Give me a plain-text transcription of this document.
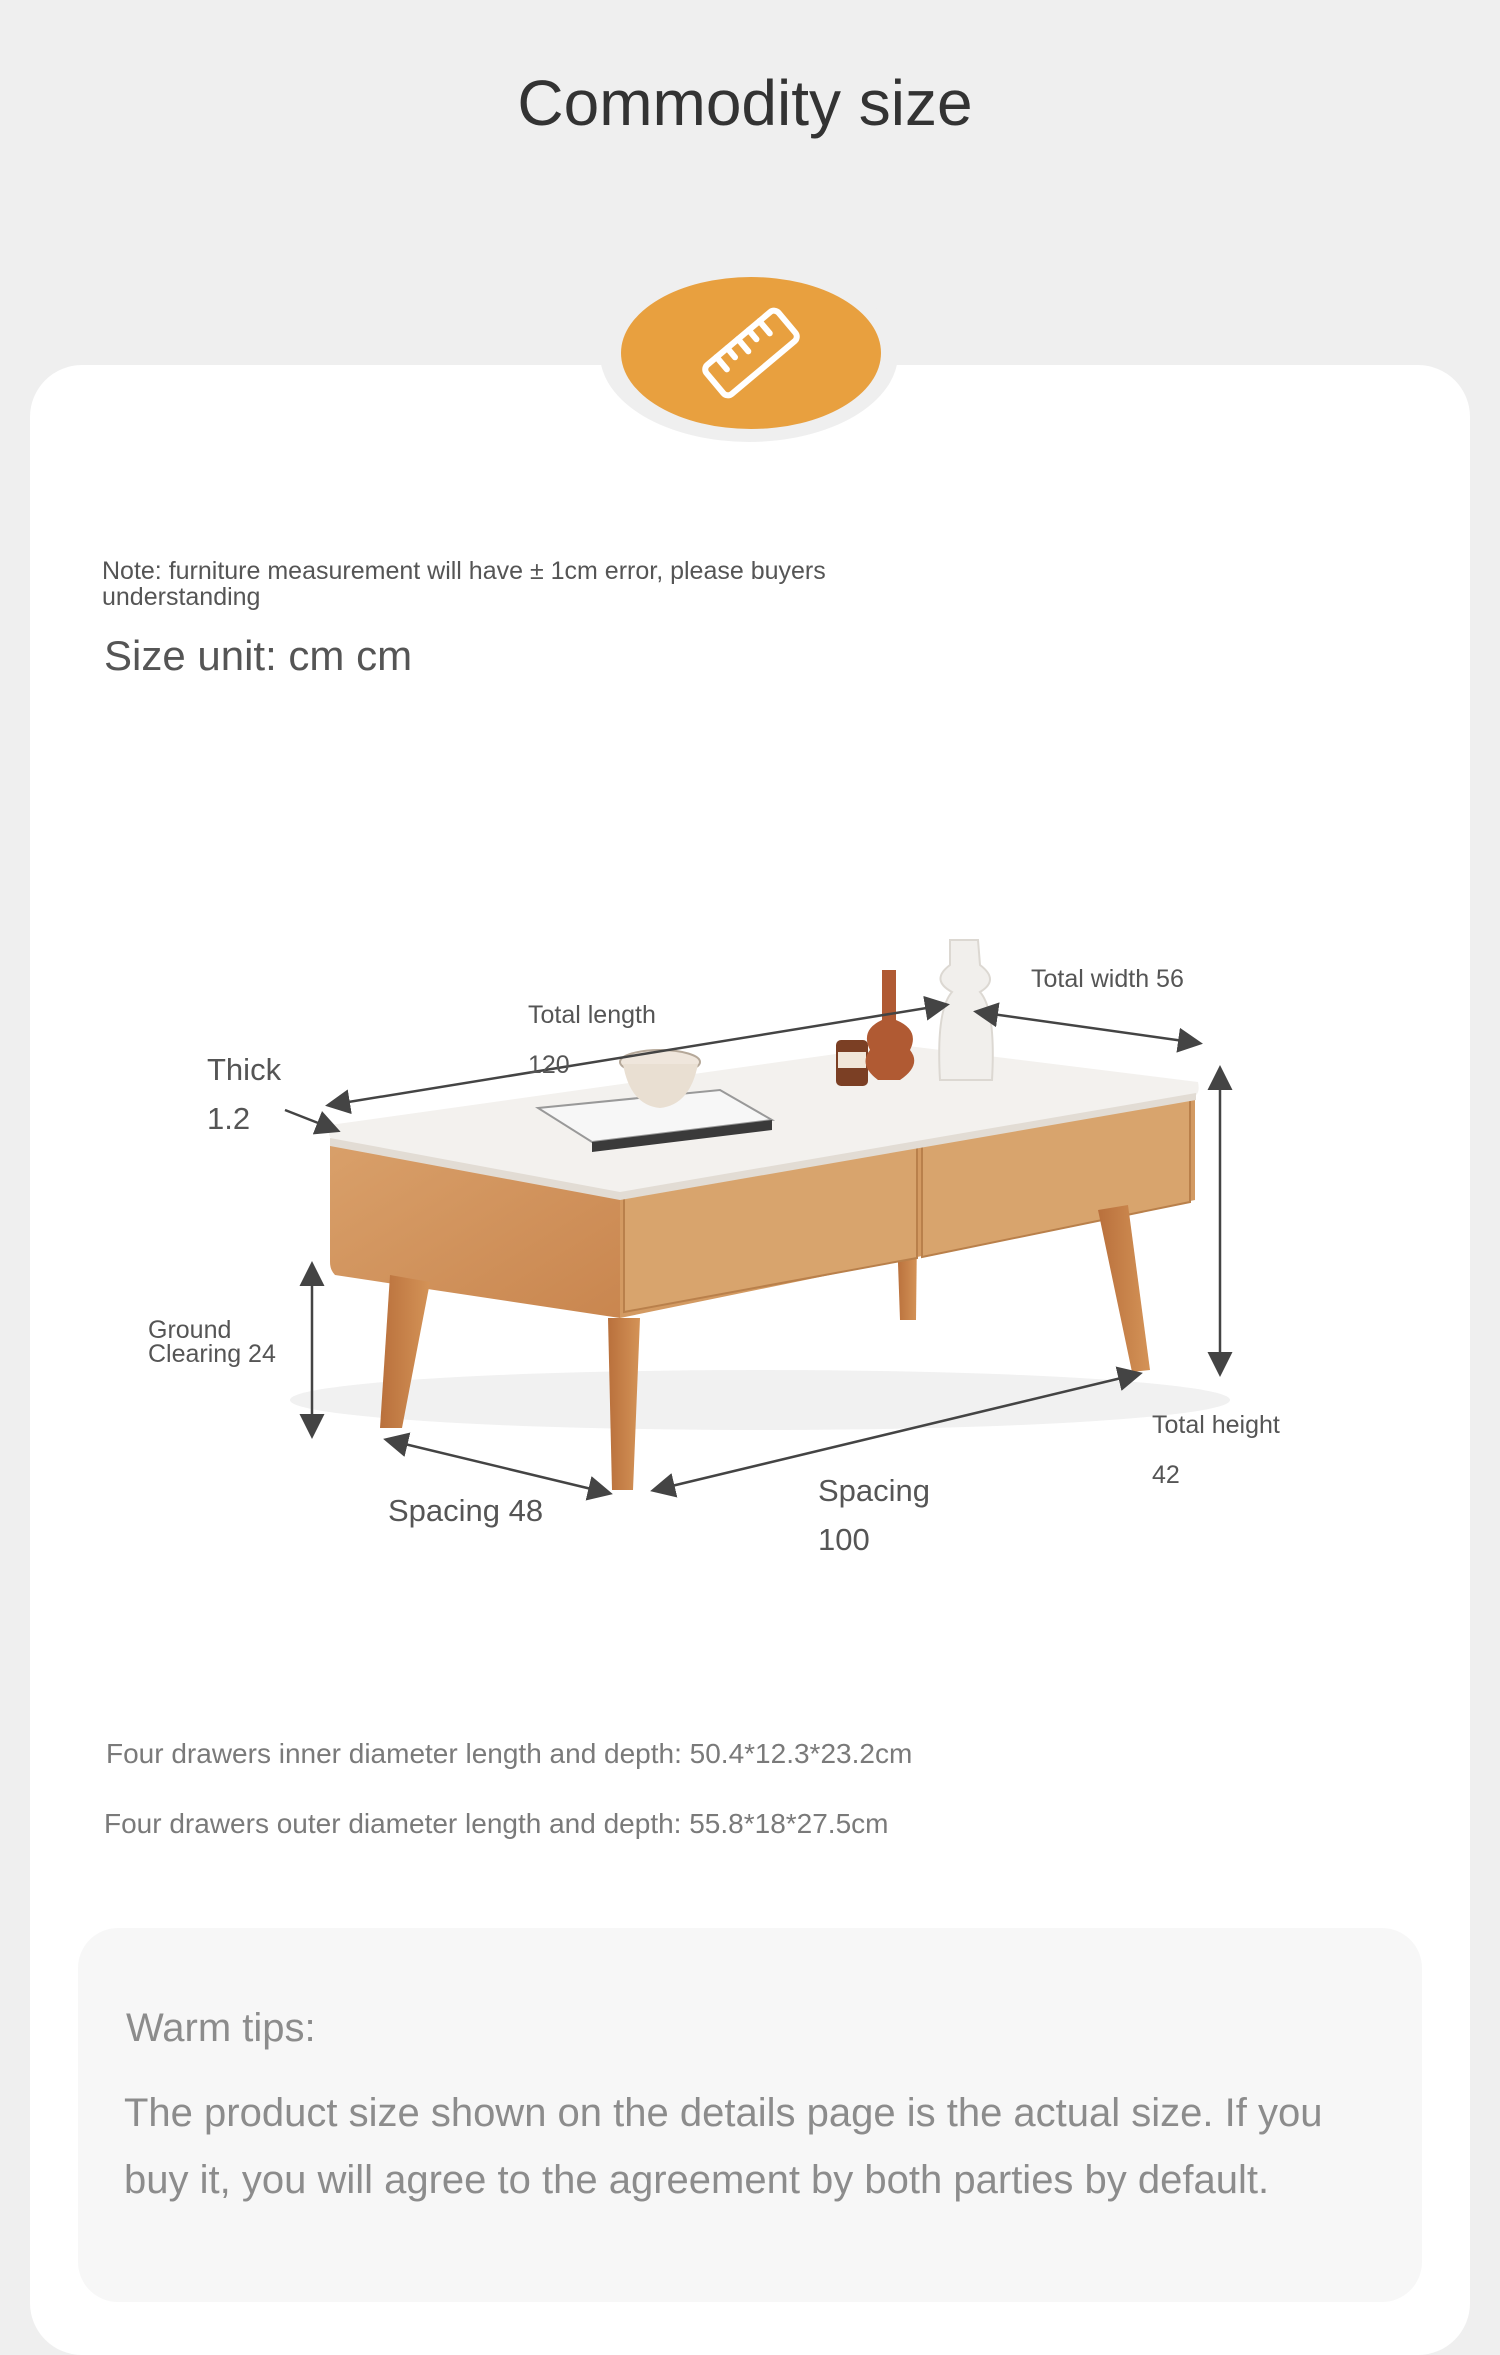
Commodity size
Note: furniture measurement will have ± 1cm error, please buyers understanding
Size unit: cm cm
Thick
1.2
Total length
120
Total width 56
Ground
Clearing 24
Spacing 48
Spacing
100
Total height
42
Four drawers inner diameter length and depth: 50.4*12.3*23.2cm
Four drawers outer diameter length and depth: 55.8*18*27.5cm
Warm tips:
The product size shown on the details page is the actual size. If you buy it, you will agree to the agreement by both parties by default.
